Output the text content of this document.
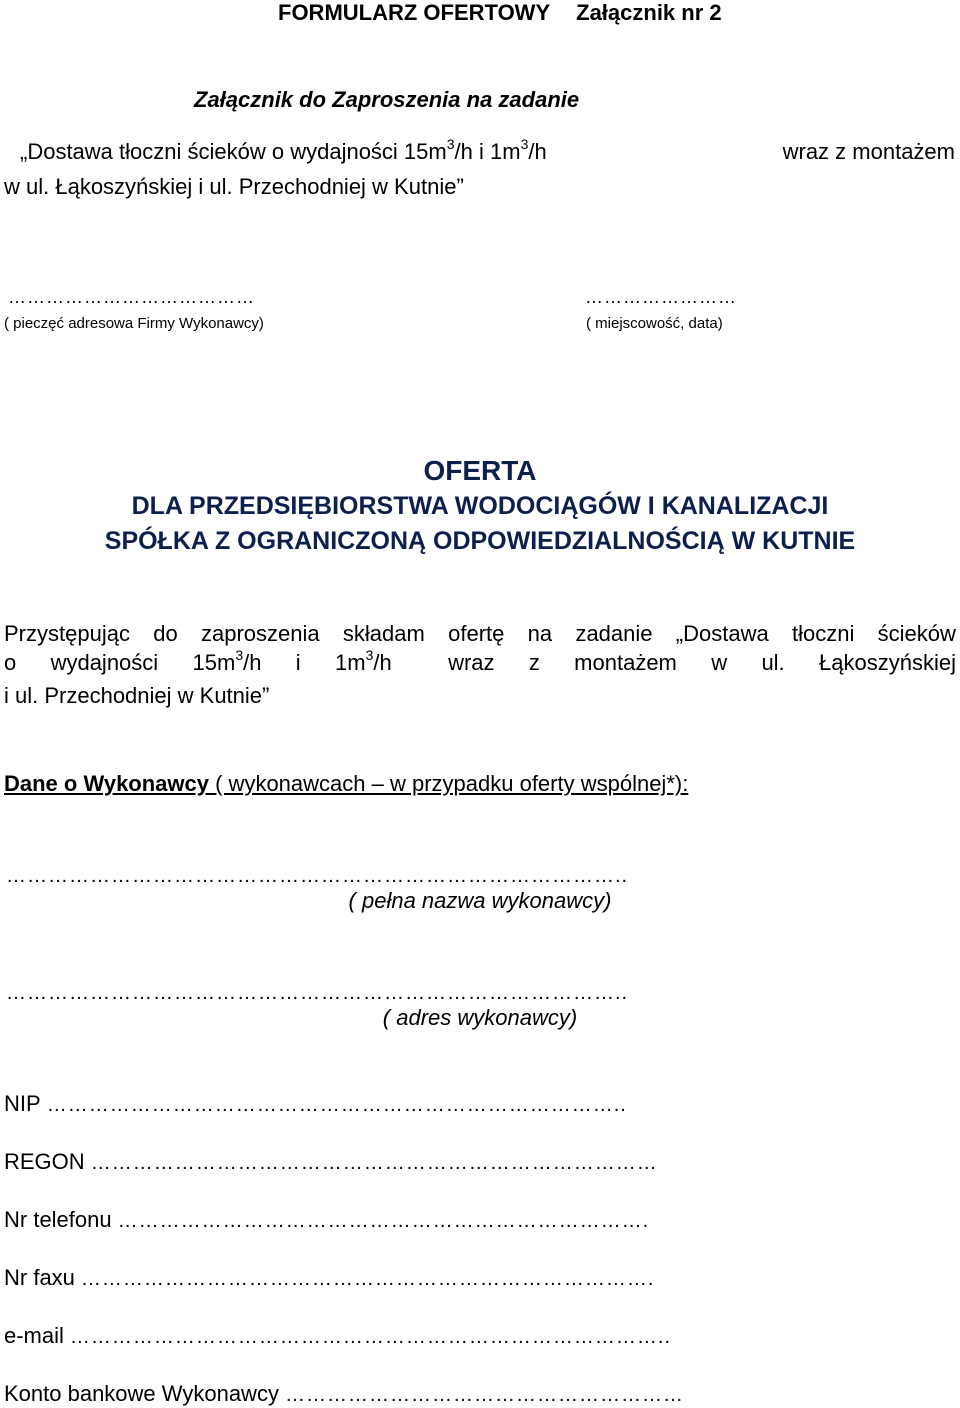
FORMULARZ OFERTOWY Załącznik nr 2
Załącznik do Zaproszenia na zadanie
„Dostawa tłoczni ścieków o wydajności $15m^3/h$ i $1m^3/h$	wraz z montażem
w ul. Łąkoszyńskiej i ul. Przechodniej w Kutnie”
…………………………………
( pieczęć adresowa Firmy Wykonawcy)
……………………
( miejscowość, data)
OFERTA
DLA PRZEDSIĘBIORSTWA WODOCIĄGÓW I KANALIZACJI
SPÓŁKA Z OGRANICZONĄ ODPOWIEDZIALNOŚCIĄ W KUTNIE
Przystępując do zaproszenia składam ofertę na zadanie „Dostawa tłoczni ścieków
o wydajności $15m^3/h$ i $1m^3/h$	wraz z montażem w ul. Łąkoszyńskiej
i ul. Przechodniej w Kutnie”
Dane o Wykonawcy ( wykonawcach – w przypadku oferty wspólnej*):
……………………………………………………………………………..
( pełna nazwa wykonawcy)
……………………………………………………………………………..
( adres wykonawcy)
NIP ………………………………………………………………………..
REGON ………………………………………………………………………
Nr telefonu ………………………………………………………………….
Nr faxu ……………………………………………………………………….
e-mail …………………………………………………………………………..
Konto bankowe Wykonawcy …………………………………………………
